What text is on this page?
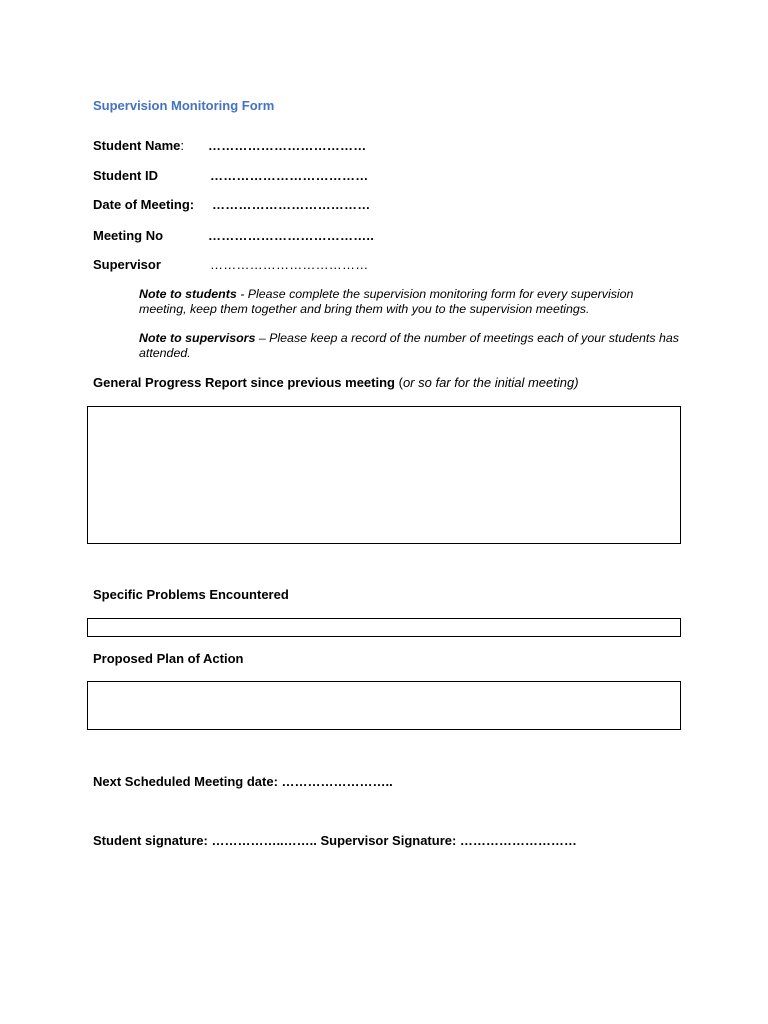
Supervision Monitoring Form
Student Name: ………………………………
Student ID	………………………………
Date of Meeting: ………………………………
Meeting No	………………………………..
Supervisor	………………………………
Note to students - Please complete the supervision monitoring form for every supervision meeting, keep them together and bring them with you to the supervision meetings.
Note to supervisors – Please keep a record of the number of meetings each of your students has attended.
General Progress Report since previous meeting (or so far for the initial meeting)
Specific Problems Encountered
Proposed Plan of Action
Next Scheduled Meeting date: ……………………..
Student signature: ……………..…….. Supervisor Signature: ………………………
